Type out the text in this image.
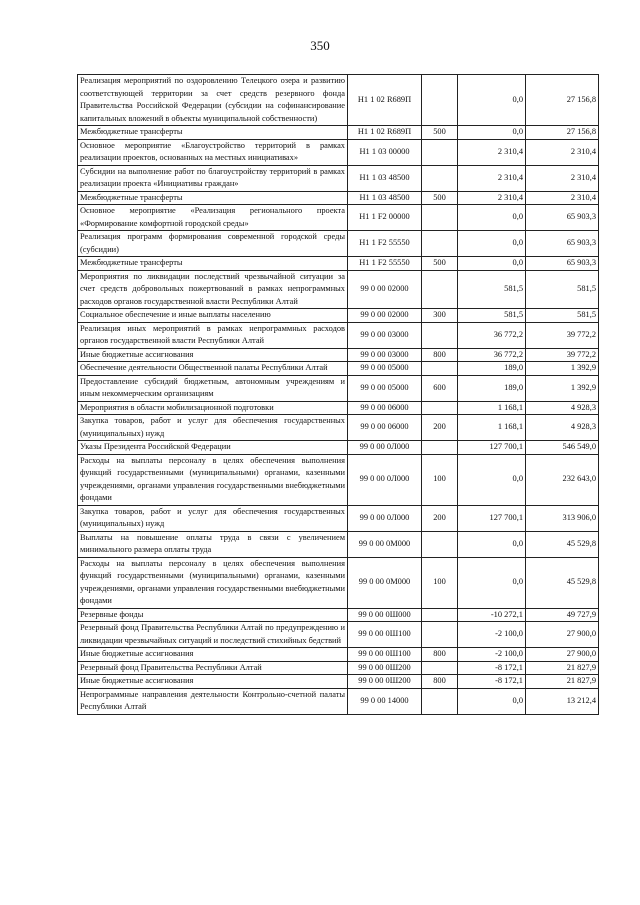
350
Реализация мероприятий по оздоровлению Телецкого озера и развитию соответствующей территории за счет средств резервного фонда Правительства Российской Федерации (субсидии на софинансирование капитальных вложений в объекты муниципальной собственности)	Н1 1 02 R689П		0,0	27 156,8
Межбюджетные трансферты	Н1 1 02 R689П	500	0,0	27 156,8
Основное мероприятие «Благоустройство территорий в рамках реализации проектов, основанных на местных инициативах»	Н1 1 03 00000		2 310,4	2 310,4
Субсидии на выполнение работ по благоустройству территорий в рамках реализации проекта «Инициативы граждан»	Н1 1 03 48500		2 310,4	2 310,4
Межбюджетные трансферты	Н1 1 03 48500	500	2 310,4	2 310,4
Основное мероприятие «Реализация регионального проекта «Формирование комфортной городской среды»	Н1 1 F2 00000		0,0	65 903,3
Реализация программ формирования современной городской среды (субсидии)	Н1 1 F2 55550		0,0	65 903,3
Межбюджетные трансферты	Н1 1 F2 55550	500	0,0	65 903,3
Мероприятия по ликвидации последствий чрезвычайной ситуации за счет средств добровольных пожертвований в рамках непрограммных расходов органов государственной власти Республики Алтай	99 0 00 02000		581,5	581,5
Социальное обеспечение и иные выплаты населению	99 0 00 02000	300	581,5	581,5
Реализация иных мероприятий в рамках непрограммных расходов органов государственной власти Республики Алтай	99 0 00 03000		36 772,2	39 772,2
Иные бюджетные ассигнования	99 0 00 03000	800	36 772,2	39 772,2
Обеспечение деятельности Общественной палаты Республики Алтай	99 0 00 05000		189,0	1 392,9
Предоставление субсидий бюджетным, автономным учреждениям и иным некоммерческим организациям	99 0 00 05000	600	189,0	1 392,9
Мероприятия в области мобилизационной подготовки	99 0 00 06000		1 168,1	4 928,3
Закупка товаров, работ и услуг для обеспечения государственных (муниципальных) нужд	99 0 00 06000	200	1 168,1	4 928,3
Указы Президента Российской Федерации	99 0 00 0Л000		127 700,1	546 549,0
Расходы на выплаты персоналу в целях обеспечения выполнения функций государственными (муниципальными) органами, казенными учреждениями, органами управления государственными внебюджетными фондами	99 0 00 0Л000	100	0,0	232 643,0
Закупка товаров, работ и услуг для обеспечения государственных (муниципальных) нужд	99 0 00 0Л000	200	127 700,1	313 906,0
Выплаты на повышение оплаты труда в связи с увеличением минимального размера оплаты труда	99 0 00 0М000		0,0	45 529,8
Расходы на выплаты персоналу в целях обеспечения выполнения функций государственными (муниципальными) органами, казенными учреждениями, органами управления государственными внебюджетными фондами	99 0 00 0М000	100	0,0	45 529,8
Резервные фонды	99 0 00 0Ш000		-10 272,1	49 727,9
Резервный фонд Правительства Республики Алтай по предупреждению и ликвидации чрезвычайных ситуаций и последствий стихийных бедствий	99 0 00 0Ш100		-2 100,0	27 900,0
Иные бюджетные ассигнования	99 0 00 0Ш100	800	-2 100,0	27 900,0
Резервный фонд Правительства Республики Алтай	99 0 00 0Ш200		-8 172,1	21 827,9
Иные бюджетные ассигнования	99 0 00 0Ш200	800	-8 172,1	21 827,9
Непрограммные направления деятельности Контрольно-счетной палаты Республики Алтай	99 0 00 14000		0,0	13 212,4
